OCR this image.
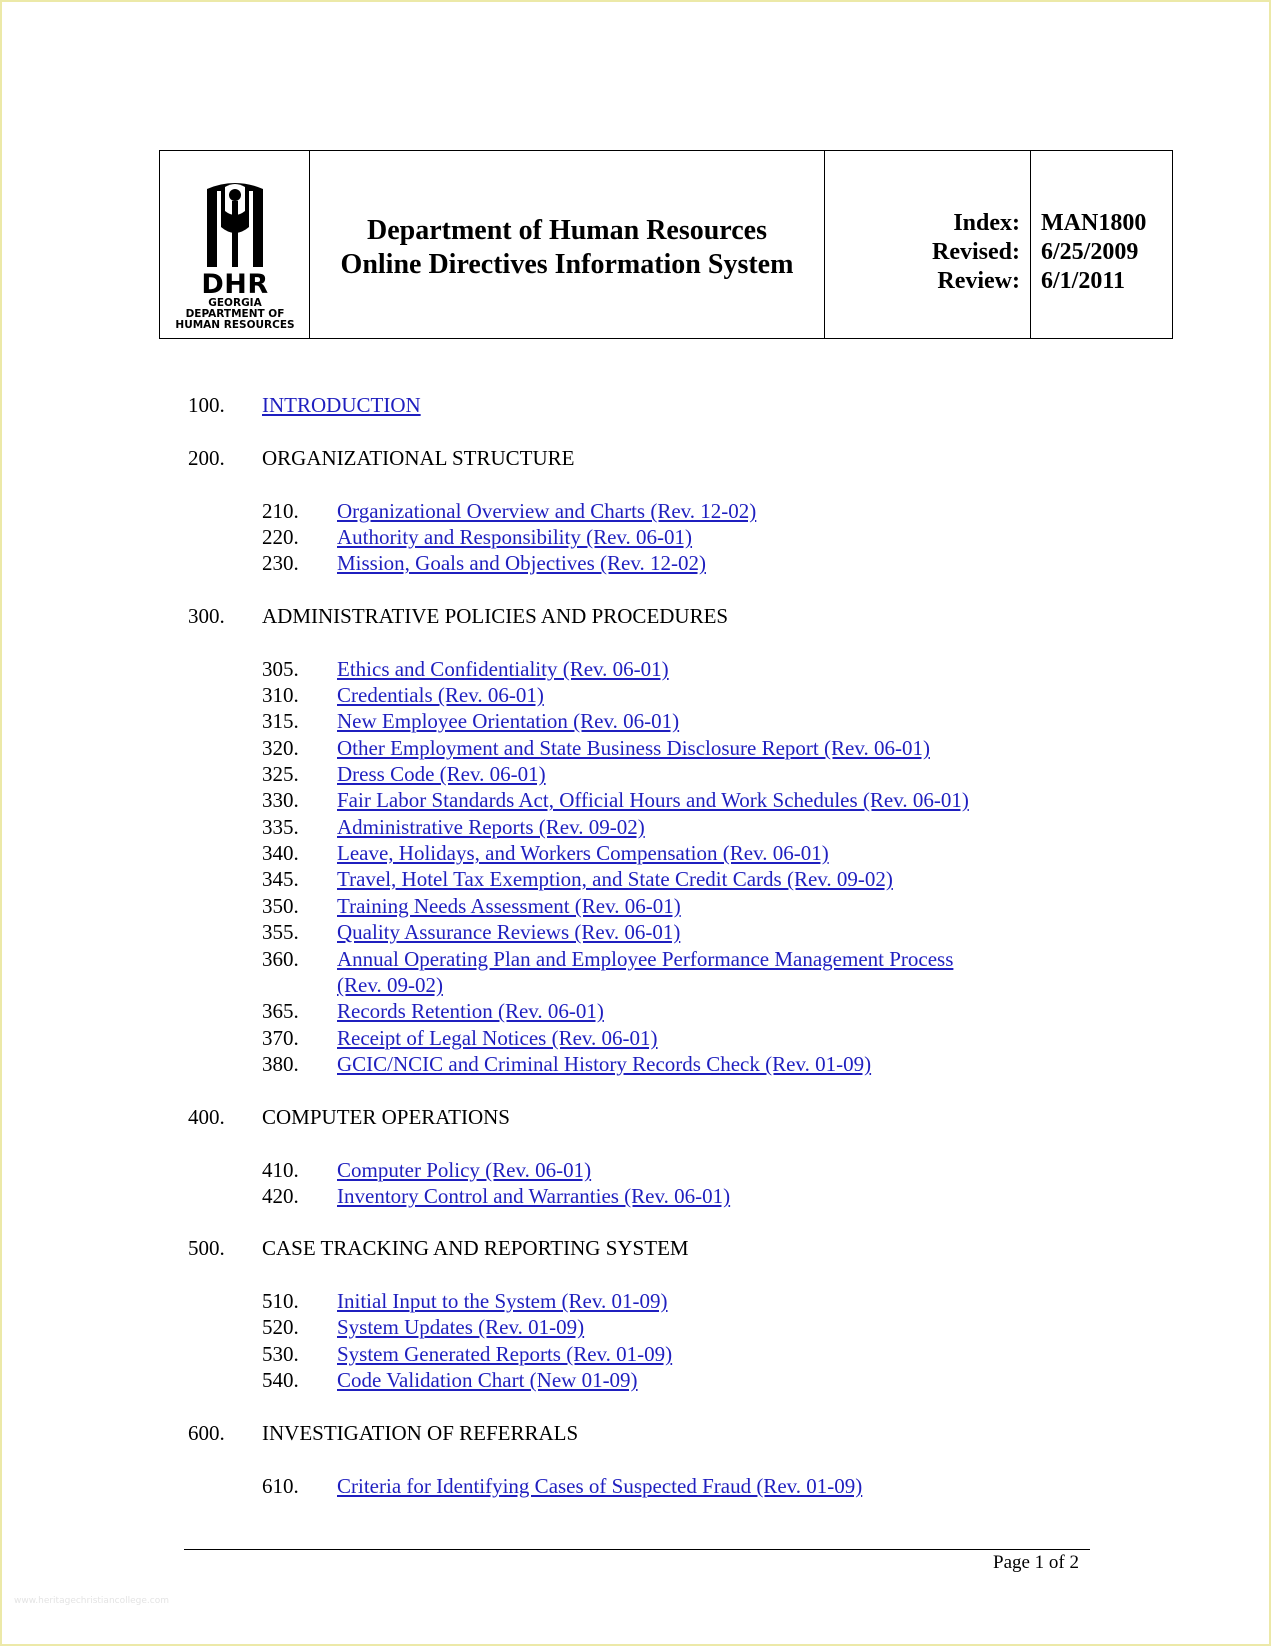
DHR
GEORGIA
DEPARTMENT OF
HUMAN RESOURCES
Department of Human Resources
Online Directives Information System
Index:
Revised:
Review:
MAN1800
6/25/2009
6/1/2011
100. INTRODUCTION
200. ORGANIZATIONAL STRUCTURE
210. Organizational Overview and Charts (Rev. 12-02)
220. Authority and Responsibility (Rev. 06-01)
230. Mission, Goals and Objectives (Rev. 12-02)
300. ADMINISTRATIVE POLICIES AND PROCEDURES
305. Ethics and Confidentiality (Rev. 06-01)
310. Credentials (Rev. 06-01)
315. New Employee Orientation (Rev. 06-01)
320. Other Employment and State Business Disclosure Report (Rev. 06-01)
325. Dress Code (Rev. 06-01)
330. Fair Labor Standards Act, Official Hours and Work Schedules (Rev. 06-01)
335. Administrative Reports (Rev. 09-02)
340. Leave, Holidays, and Workers Compensation (Rev. 06-01)
345. Travel, Hotel Tax Exemption, and State Credit Cards (Rev. 09-02)
350. Training Needs Assessment (Rev. 06-01)
355. Quality Assurance Reviews (Rev. 06-01)
360. Annual Operating Plan and Employee Performance Management Process
(Rev. 09-02)
365. Records Retention (Rev. 06-01)
370. Receipt of Legal Notices (Rev. 06-01)
380. GCIC/NCIC and Criminal History Records Check (Rev. 01-09)
400. COMPUTER OPERATIONS
410. Computer Policy (Rev. 06-01)
420. Inventory Control and Warranties (Rev. 06-01)
500. CASE TRACKING AND REPORTING SYSTEM
510. Initial Input to the System (Rev. 01-09)
520. System Updates (Rev. 01-09)
530. System Generated Reports (Rev. 01-09)
540. Code Validation Chart (New 01-09)
600. INVESTIGATION OF REFERRALS
610. Criteria for Identifying Cases of Suspected Fraud (Rev. 01-09)
Page 1 of 2
www.heritagechristiancollege.com
